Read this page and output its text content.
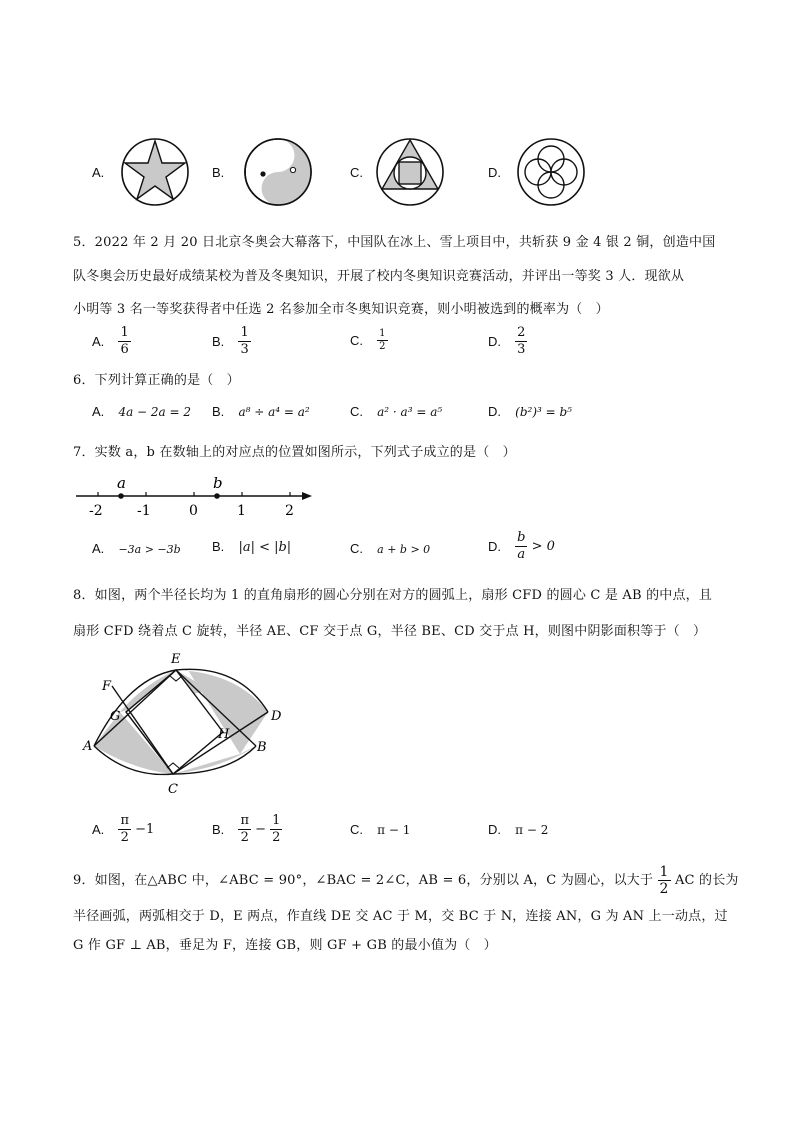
A.	B.	C.	D.
5．2022 年 2 月 20 日北京冬奥会大幕落下，中国队在冰上、雪上项目中，共斩获 9 金 4 银 2 铜，创造中国
队冬奥会历史最好成绩某校为普及冬奥知识，开展了校内冬奥知识竞赛活动，并评出一等奖 3 人．现欲从
小明等 3 名一等奖获得者中任选 2 名参加全市冬奥知识竞赛，则小明被选到的概率为（　）
A. $\frac{1}{6}$	B. $\frac{1}{3}$	C. $\frac{1}{2}$	D. $\frac{2}{3}$
6．下列计算正确的是（　）
A. 4a − 2a = 2 B. a⁸ ÷ a⁴ = a²	C. a² · a³ = a⁵	D. (b²)³ = b⁵
7．实数 a，b 在数轴上的对应点的位置如图所示，下列式子成立的是（　）
a	b
-2 -1	0	1	2
A. −3a > −3b B. |a| < |b|	C. a + b > 0	D. $\frac{b}{a} > 0$
8．如图，两个半径长均为 1 的直角扇形的圆心分别在对方的圆弧上，扇形 CFD 的圆心 C 是 AB 的中点，且
扇形 CFD 绕着点 C 旋转，半径 AE、CF 交于点 G，半径 BE、CD 交于点 H，则图中阴影面积等于（　）
E
F
G	D
A
H
B
C
A. $\frac{\pi}{2} -1$	B. $\frac{\pi}{2} - \frac{1}{2}$	C. π − 1	D. π − 2
9．如图，在△ABC 中，∠ABC = 90°，∠BAC = 2∠C，AB = 6，分别以 A，C 为圆心，以大于 $\frac{1}{2}$ AC 的长为
半径画弧，两弧相交于 D，E 两点，作直线 DE 交 AC 于 M，交 BC 于 N，连接 AN，G 为 AN 上一动点，过
G 作 GF ⊥ AB，垂足为 F，连接 GB，则 GF + GB 的最小值为（　）
